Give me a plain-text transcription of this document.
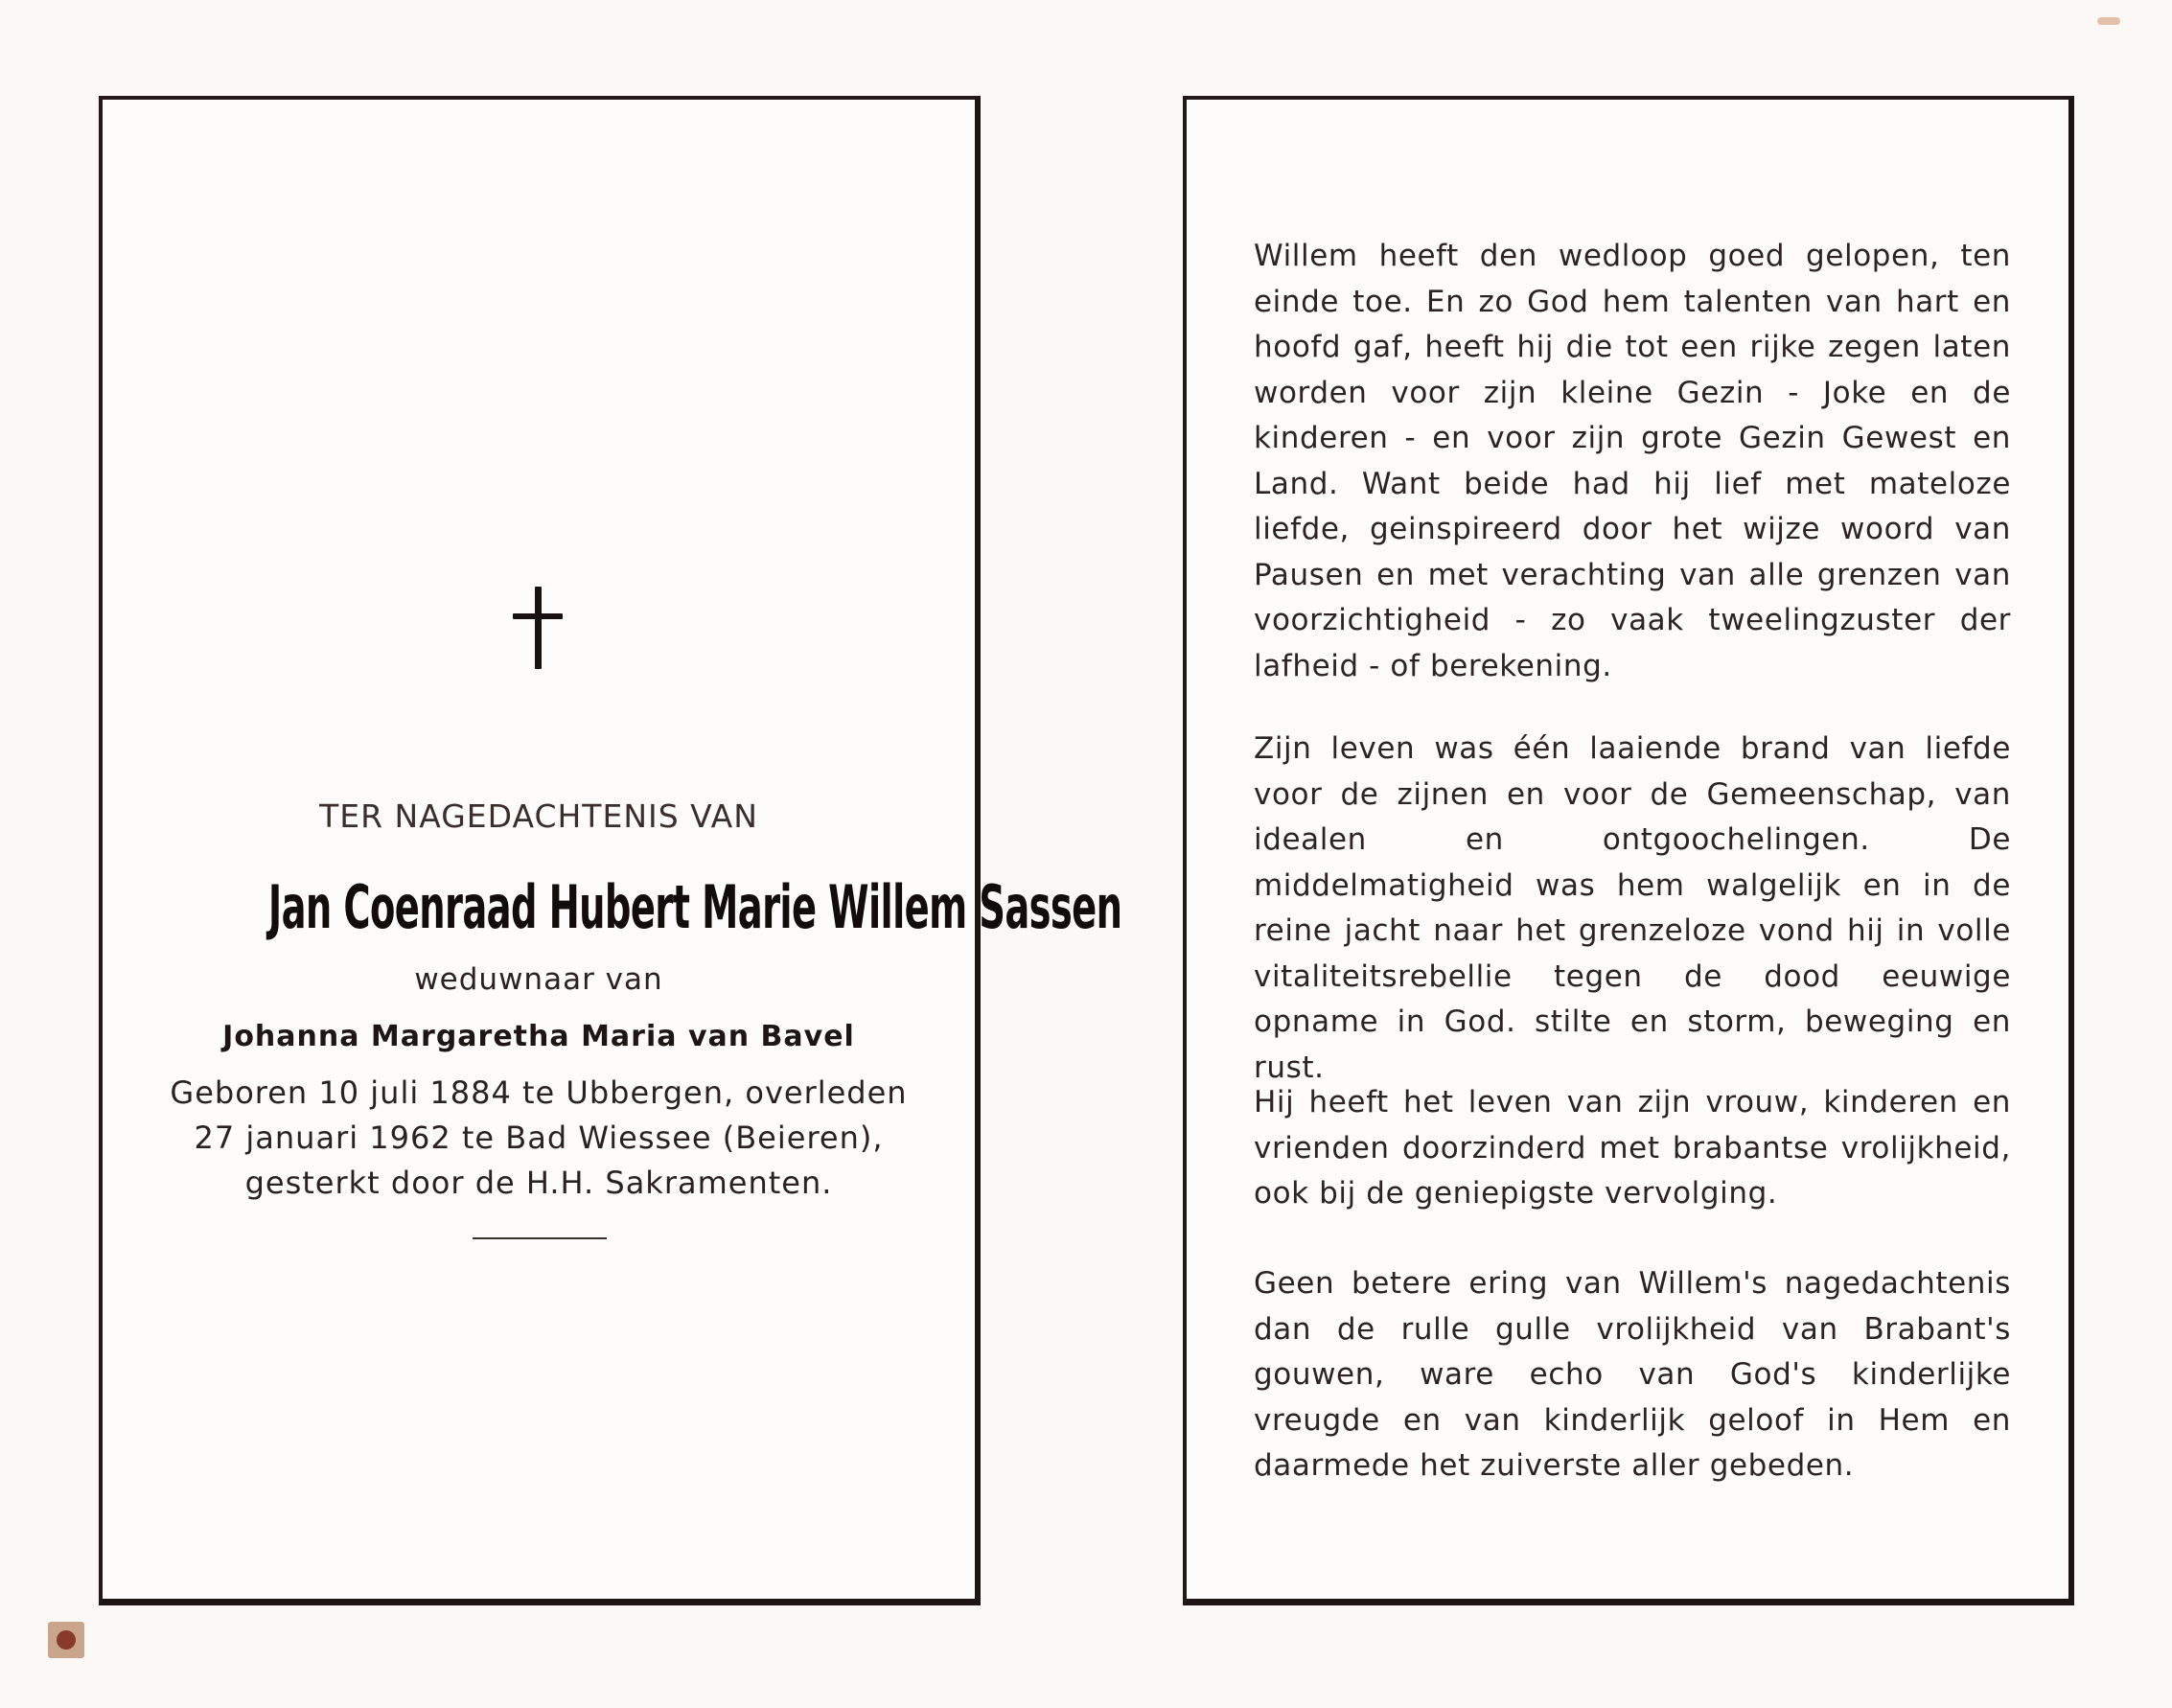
TER NAGEDACHTENIS VAN
Jan Coenraad Hubert Marie Willem Sassen
weduwnaar van
Johanna Margaretha Maria van Bavel
Geboren 10 juli 1884 te Ubbergen, overleden
27 januari 1962 te Bad Wiessee (Beieren),
gesterkt door de H.H. Sakramenten.

Willem heeft den wedloop goed gelopen, ten einde toe. En zo God hem talenten van hart en hoofd gaf, heeft hij die tot een rijke zegen laten worden voor zijn kleine Gezin - Joke en de kinderen - en voor zijn grote Gezin Gewest en Land. Want beide had hij lief met mateloze liefde, geinspireerd door het wijze woord van Pausen en met verachting van alle grenzen van voorzichtigheid - zo vaak tweelingzuster der lafheid - of berekening.

Zijn leven was één laaiende brand van liefde voor de zijnen en voor de Gemeenschap, van idealen en ontgoochelingen. De middelmatigheid was hem walgelijk en in de reine jacht naar het grenzeloze vond hij in volle vitaliteitsrebellie tegen de dood eeuwige opname in God. stilte en storm, beweging en rust.

Hij heeft het leven van zijn vrouw, kinderen en vrienden doorzinderd met brabantse vrolijkheid, ook bij de geniepigste vervolging.

Geen betere ering van Willem's nagedachtenis dan de rulle gulle vrolijkheid van Brabant's gouwen, ware echo van God's kinderlijke vreugde en van kinderlijk geloof in Hem en daarmede het zuiverste aller gebeden.
